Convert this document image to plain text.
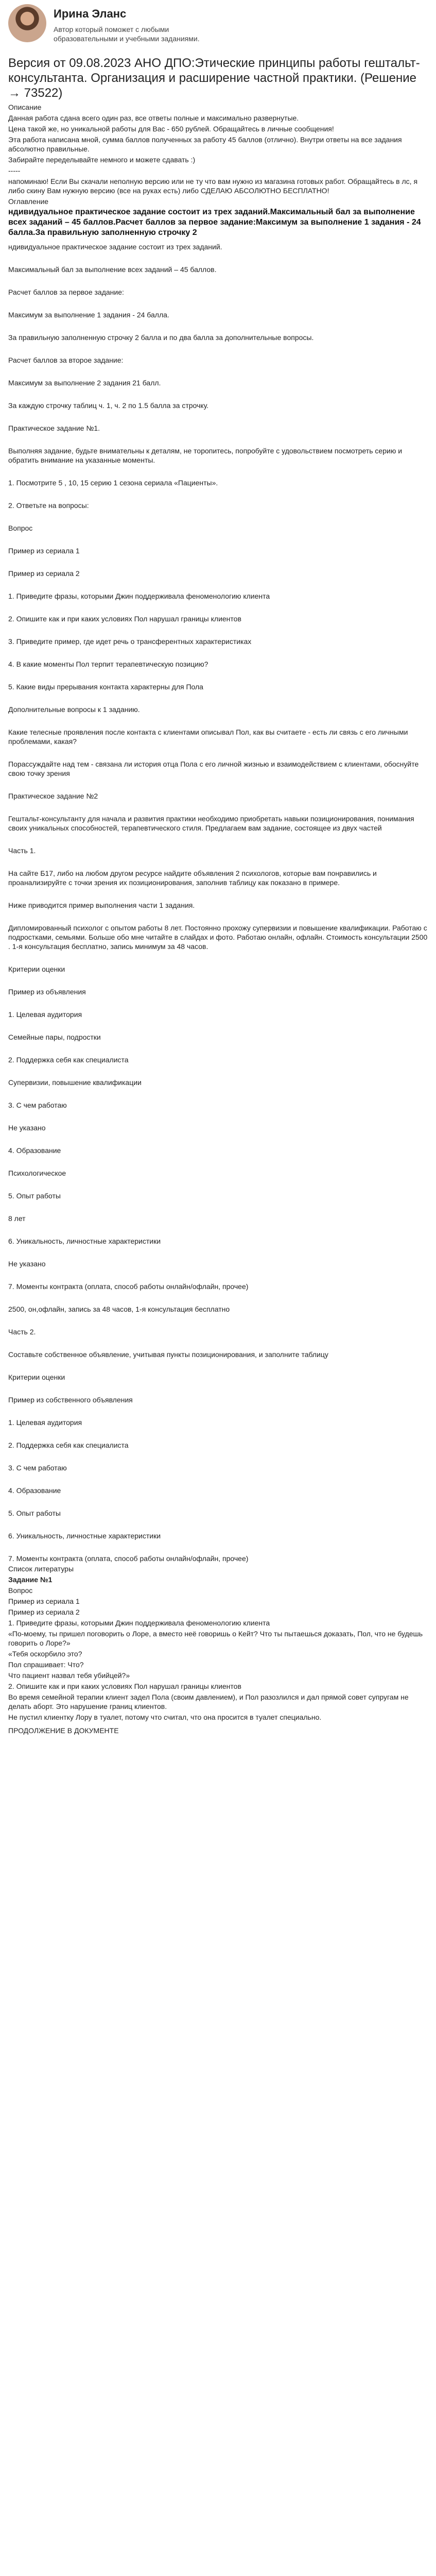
Ирина Эланс
Автор который поможет с любыми образовательными и учебными заданиями.
Версия от 09.08.2023 АНО ДПО:Этические принципы работы гештальт-консультанта. Организация и расширение частной практики. (Решение → 73522)
Описание
Данная работа сдана всего один раз, все ответы полные и максимально развернутые.
Цена такой же, но уникальной работы для Вас - 650 рублей. Обращайтесь в личные сообщения!
Эта работа написана мной, сумма баллов полученных за работу 45 баллов (отлично). Внутри ответы на все задания абсолютно правильные.
Забирайте переделывайте немного и можете сдавать :)
-----
напоминаю! Если Вы скачали неполную версию или не ту что вам нужно из магазина готовых работ. Обращайтесь в лс, я либо скину Вам нужную версию (все на руках есть) либо СДЕЛАЮ АБСОЛЮТНО БЕСПЛАТНО!
Оглавление
ндивидуальное практическое задание состоит из трех заданий.Максимальный бал за выполнение всех заданий – 45 баллов.Расчет баллов за первое задание:Максимум за выполнение 1 задания - 24 балла.За правильную заполненную строчку 2
ндивидуальное практическое задание состоит из трех заданий.
Максимальный бал за выполнение всех заданий – 45 баллов.
Расчет баллов за первое задание:
Максимум за выполнение 1 задания - 24 балла.
За правильную заполненную строчку 2 балла и по два балла за дополнительные вопросы.
Расчет баллов за второе задание:
Максимум за выполнение 2 задания 21 балл.
За каждую строчку таблиц ч. 1, ч. 2 по 1.5 балла за строчку.
Практическое задание №1.
Выполняя задание, будьте внимательны к деталям, не торопитесь, попробуйте с удовольствием посмотреть серию и обратить внимание на указанные моменты.
1. Посмотрите 5 , 10, 15 серию 1 сезона сериала «Пациенты».
2. Ответьте на вопросы:
Вопрос
Пример из сериала 1
Пример из сериала 2
1. Приведите фразы, которыми Джин поддерживала феноменологию клиента
2. Опишите как и при каких условиях Пол нарушал границы клиентов
3. Приведите пример, где идет речь о трансферентных характеристиках
4. В какие моменты Пол терпит терапевтическую позицию?
5. Какие виды прерывания контакта характерны для Пола
Дополнительные вопросы к 1 заданию.
Какие телесные проявления после контакта с клиентами описывал Пол, как вы считаете - есть ли связь с его личными проблемами, какая?
Порассуждайте над тем - связана ли история отца Пола с его личной жизнью и взаимодействием с клиентами, обоснуйте свою точку зрения
Практическое задание №2
Гештальт-консультанту для начала и развития практики необходимо приобретать навыки позиционирования, понимания своих уникальных способностей, терапевтического стиля. Предлагаем вам задание, состоящее из двух частей
Часть 1.
На сайте Б17, либо на любом другом ресурсе найдите объявления 2 психологов, которые вам понравились и проанализируйте с точки зрения их позиционирования, заполнив таблицу как показано в примере.
Ниже приводится пример выполнения части 1 задания.
Дипломированный психолог с опытом работы 8 лет. Постоянно прохожу супервизии и повышение квалификации. Работаю с подростками, семьями. Больше обо мне читайте в слайдах и фото. Работаю онлайн, офлайн. Стоимость консультации 2500 . 1-я консультация бесплатно, запись минимум за 48 часов.
Критерии оценки
Пример из объявления
1. Целевая аудитория
Семейные пары, подростки
2. Поддержка себя как специалиста
Супервизии, повышение квалификации
3. С чем работаю
Не указано
4. Образование
Психологическое
5. Опыт работы
8 лет
6. Уникальность, личностные характеристики
Не указано
7. Моменты контракта (оплата, способ работы онлайн/офлайн, прочее)
2500, он,офлайн, запись за 48 часов, 1-я консультация бесплатно
Часть 2.
Составьте собственное объявление, учитывая пункты позиционирования, и заполните таблицу
Критерии оценки
Пример из собственного объявления
1. Целевая аудитория
2. Поддержка себя как специалиста
3. С чем работаю
4. Образование
5. Опыт работы
6. Уникальность, личностные характеристики
7. Моменты контракта (оплата, способ работы онлайн/офлайн, прочее)
Список литературы
Задание №1
Вопрос
Пример из сериала 1
Пример из сериала 2
1. Приведите фразы, которыми Джин поддерживала феноменологию клиента
«По-моему, ты пришел поговорить о Лоре, а вместо неё говоришь о Кейт? Что ты пытаешься доказать, Пол, что не будешь говорить о Лоре?»
«Тебя оскорбило это?
Пол спрашивает: Что?
Что пациент назвал тебя убийцей?»
2. Опишите как и при каких условиях Пол нарушал границы клиентов
Во время семейной терапии клиент задел Пола (своим давлением), и Пол разозлился и дал прямой совет супругам не делать аборт. Это нарушение границ клиентов.
Не пустил клиентку Лору в туалет, потому что считал, что она просится в туалет специально.
ПРОДОЛЖЕНИЕ В ДОКУМЕНТЕ
